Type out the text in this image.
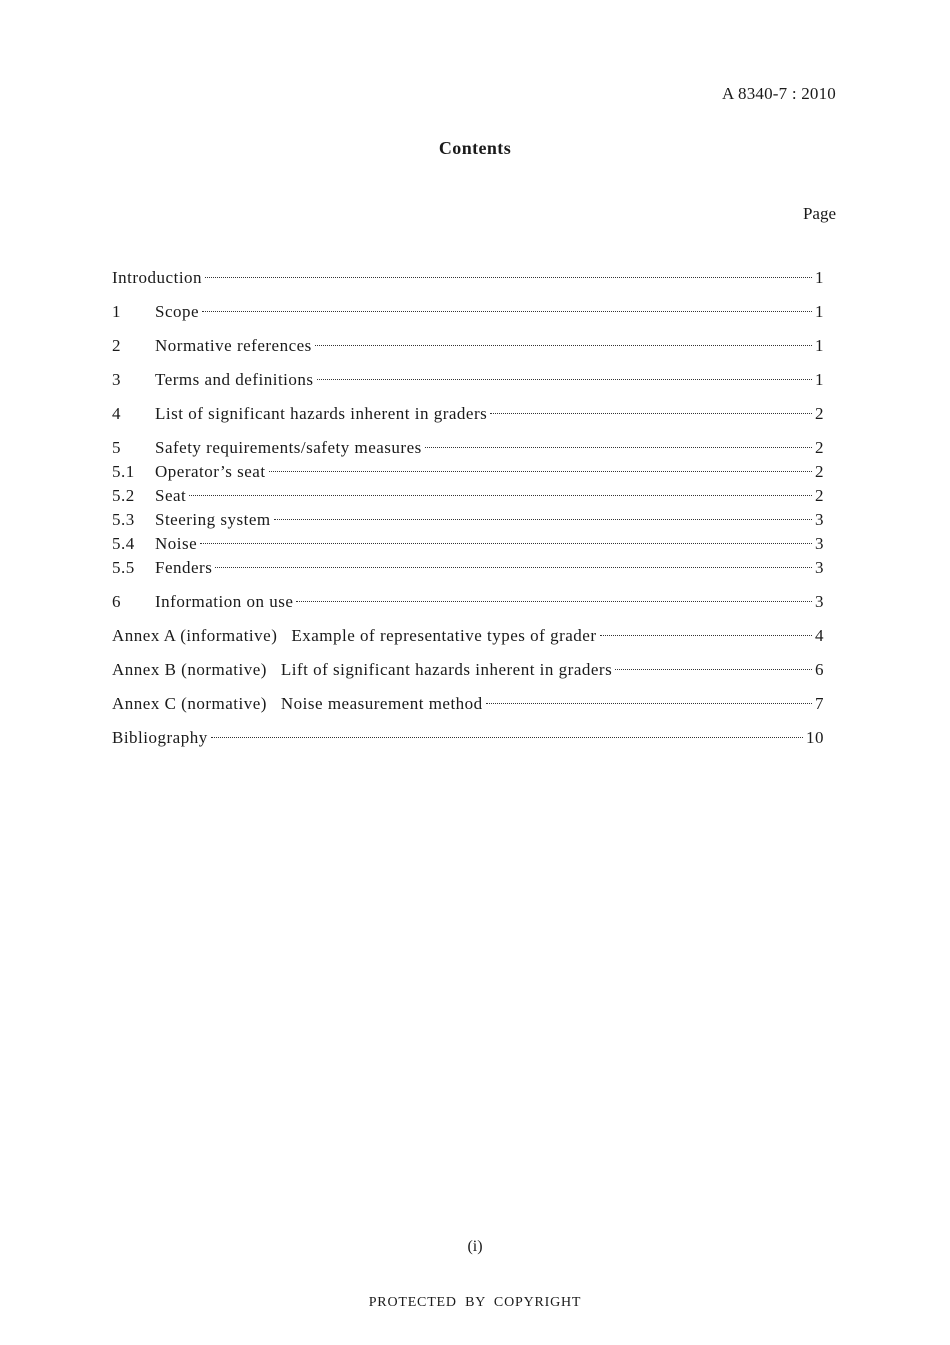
A 8340-7 : 2010
Contents
Page
Introduction	1
1	Scope	1
2	Normative references	1
3	Terms and definitions	1
4	List of significant hazards inherent in graders	2
5	Safety requirements/safety measures	2
5.1	Operator’s seat	2
5.2	Seat	2
5.3	Steering system	3
5.4	Noise	3
5.5	Fenders	3
6	Information on use	3
Annex A (informative) Example of representative types of grader	4
Annex B (normative) Lift of significant hazards inherent in graders	6
Annex C (normative) Noise measurement method	7
Bibliography	10
(i)
PROTECTED BY COPYRIGHT
